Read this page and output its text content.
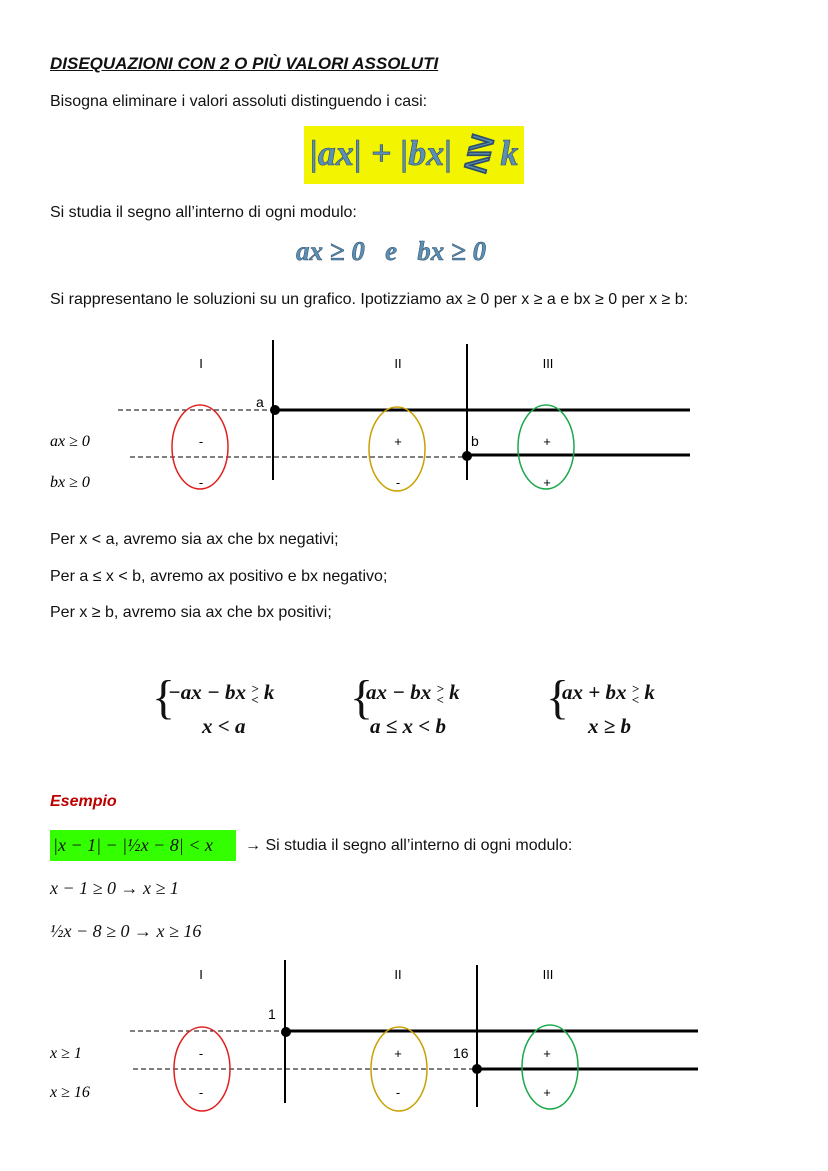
DISEQUAZIONI CON 2 O PIÙ VALORI ASSOLUTI
Bisogna eliminare i valori assoluti distinguendo i casi:
|ax| + |bx| ⋛ k
Si studia il segno all’interno di ogni modulo:
ax ≥ 0   e   bx ≥ 0
Si rappresentano le soluzioni su un grafico. Ipotizziamo ax ≥ 0 per x ≥ a e bx ≥ 0 per x ≥ b:
I	II	III
a
b
-	+	+
-	-	+
ax ≥ 0
bx ≥ 0
Per x < a, avremo sia ax che bx negativi;
Per a ≤ x < b, avremo ax positivo e bx negativo;
Per x ≥ b, avremo sia ax che bx positivi;
{
−ax − bx >
< k
x < a
{
ax − bx >
< k
a ≤ x < b
{
ax + bx >
< k
x ≥ b
Esempio
|x − 1| − |½x − 8| < x → Si studia il segno all’interno di ogni modulo:
x − 1 ≥ 0 → x ≥ 1
½x − 8 ≥ 0 → x ≥ 16
I	II	III
1
16
-	+	+
-	-	+
x ≥ 1
x ≥ 16
